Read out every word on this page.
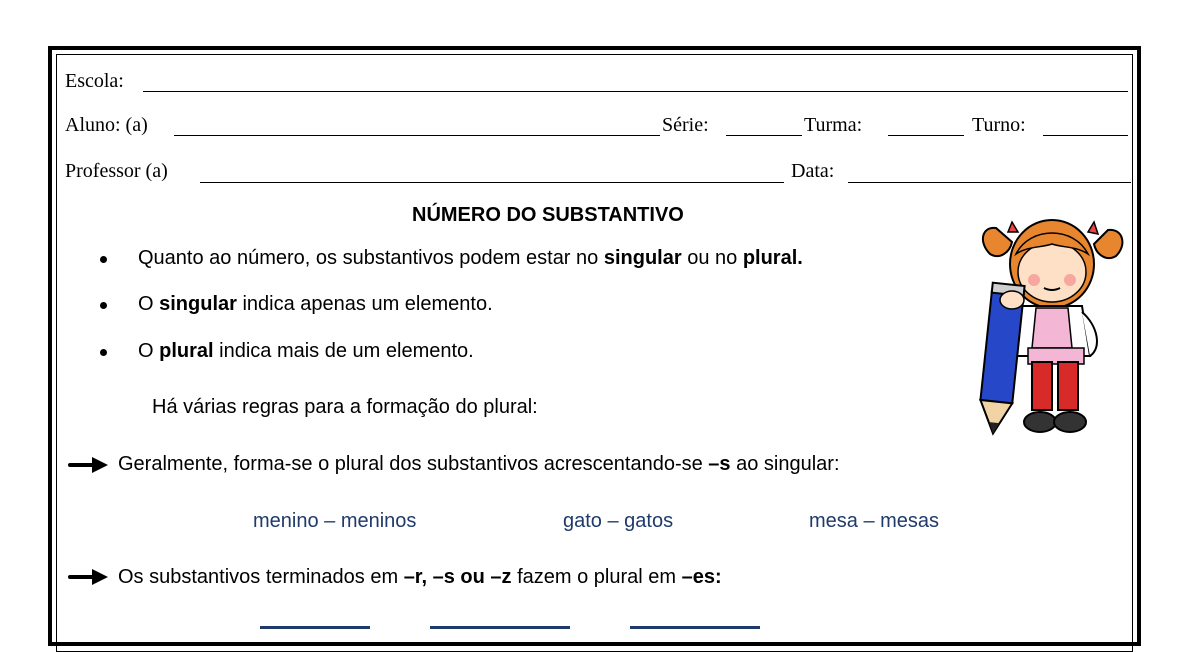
Escola:
Aluno: (a)	Série:	Turma:	Turno:
Professor (a)	Data:
NÚMERO DO SUBSTANTIVO
Quanto ao número, os substantivos podem estar no singular ou no plural.
O singular indica apenas um elemento.
O plural indica mais de um elemento.
Há várias regras para a formação do plural:
Geralmente, forma-se o plural dos substantivos acrescentando-se –s ao singular:
menino – meninos	gato – gatos	mesa – mesas
Os substantivos terminados em –r, –s ou –z fazem o plural em –es:
